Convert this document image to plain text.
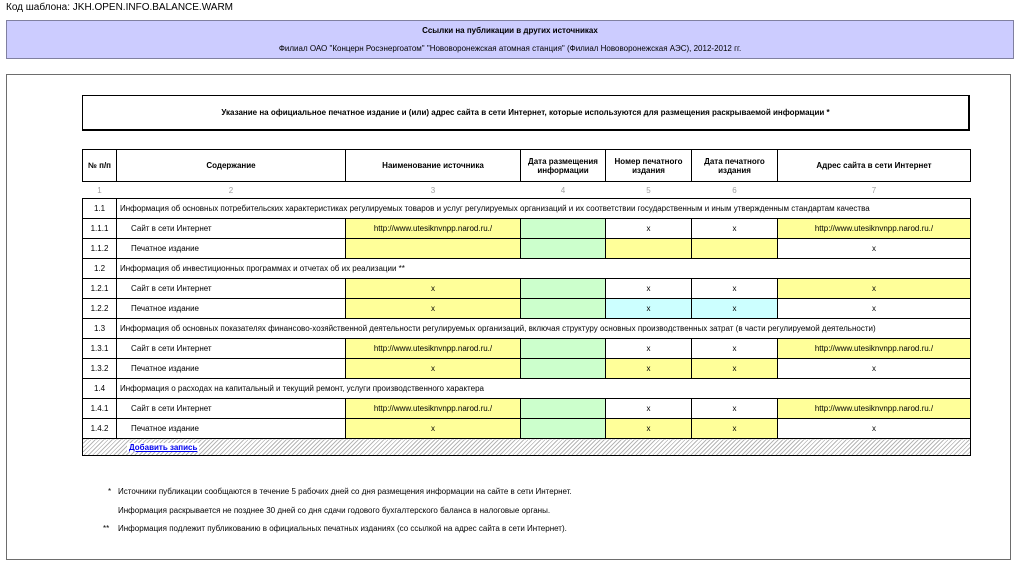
Код шаблона: JKH.OPEN.INFO.BALANCE.WARM
Ссылки на публикации в других источниках
Филиал ОАО "Концерн Росэнергоатом" "Нововоронежская атомная станция" (Филиал Нововоронежская АЭС), 2012-2012 гг.
Указание на официальное печатное издание и (или) адрес сайта в сети Интернет, которые используются для размещения раскрываемой информации *
№ п/п	Содержание	Наименование источника	Дата размещения информации	Номер печатного издания	Дата печатного издания	Адрес сайта в сети Интернет
1	2	3	4	5	6	7
1.1	Информация об основных потребительских характеристиках регулируемых товаров и услуг регулируемых организаций и их соответствии государственным и иным утвержденным стандартам качества					
1.1.1	Сайт в сети Интернет	http://www.utesiknvnpp.narod.ru./		x	x	http://www.utesiknvnpp.narod.ru./
1.1.2	Печатное издание					x
1.2	Информация об инвестиционных программах и отчетах об их реализации **					
1.2.1	Сайт в сети Интернет	x		x	x	x
1.2.2	Печатное издание	x		x	x	x
1.3	Информация об основных показателях финансово-хозяйственной деятельности регулируемых организаций, включая структуру основных производственных затрат (в части регулируемой деятельности)					
1.3.1	Сайт в сети Интернет	http://www.utesiknvnpp.narod.ru./		x	x	http://www.utesiknvnpp.narod.ru./
1.3.2	Печатное издание	x		x	x	x
1.4	Информация о расходах на капитальный и текущий ремонт, услуги производственного характера					
1.4.1	Сайт в сети Интернет	http://www.utesiknvnpp.narod.ru./		x	x	http://www.utesiknvnpp.narod.ru./
1.4.2	Печатное издание	x		x	x	x
Добавить запись						
* Источники публикации сообщаются в течение 5 рабочих дней со дня размещения информации на сайте в сети Интернет.
Информация раскрывается не позднее 30 дней со дня сдачи годового бухгалтерского баланса в налоговые органы.
** Информация подлежит публикованию в официальных печатных изданиях (со ссылкой на адрес сайта в сети Интернет).
